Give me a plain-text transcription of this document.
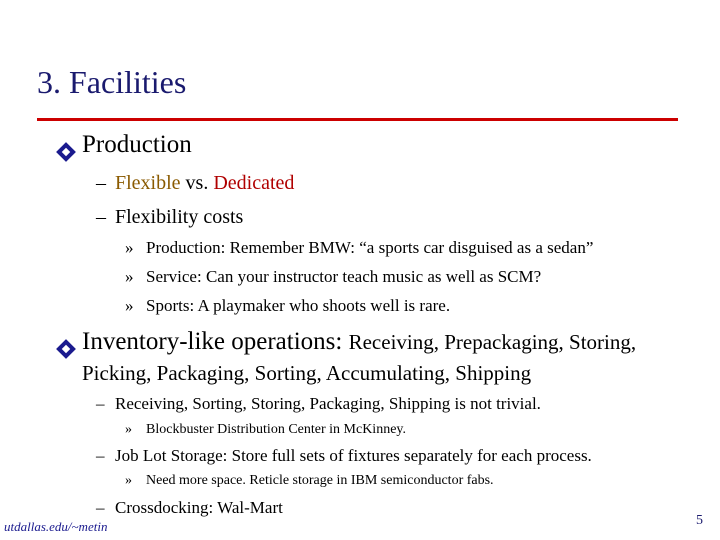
3. Facilities
Production
– Flexible vs. Dedicated
– Flexibility costs
» Production: Remember BMW: “a sports car disguised as a sedan”
» Service: Can your instructor teach music as well as SCM?
» Sports: A playmaker who shoots well is rare.
Inventory-like operations: Receiving, Prepackaging, Storing,
Picking, Packaging, Sorting, Accumulating, Shipping
– Receiving, Sorting, Storing, Packaging, Shipping is not trivial.
» Blockbuster Distribution Center in McKinney.
– Job Lot Storage: Store full sets of fixtures separately for each process.
» Need more space. Reticle storage in IBM semiconductor fabs.
– Crossdocking: Wal-Mart
utdallas.edu/~metin	5
